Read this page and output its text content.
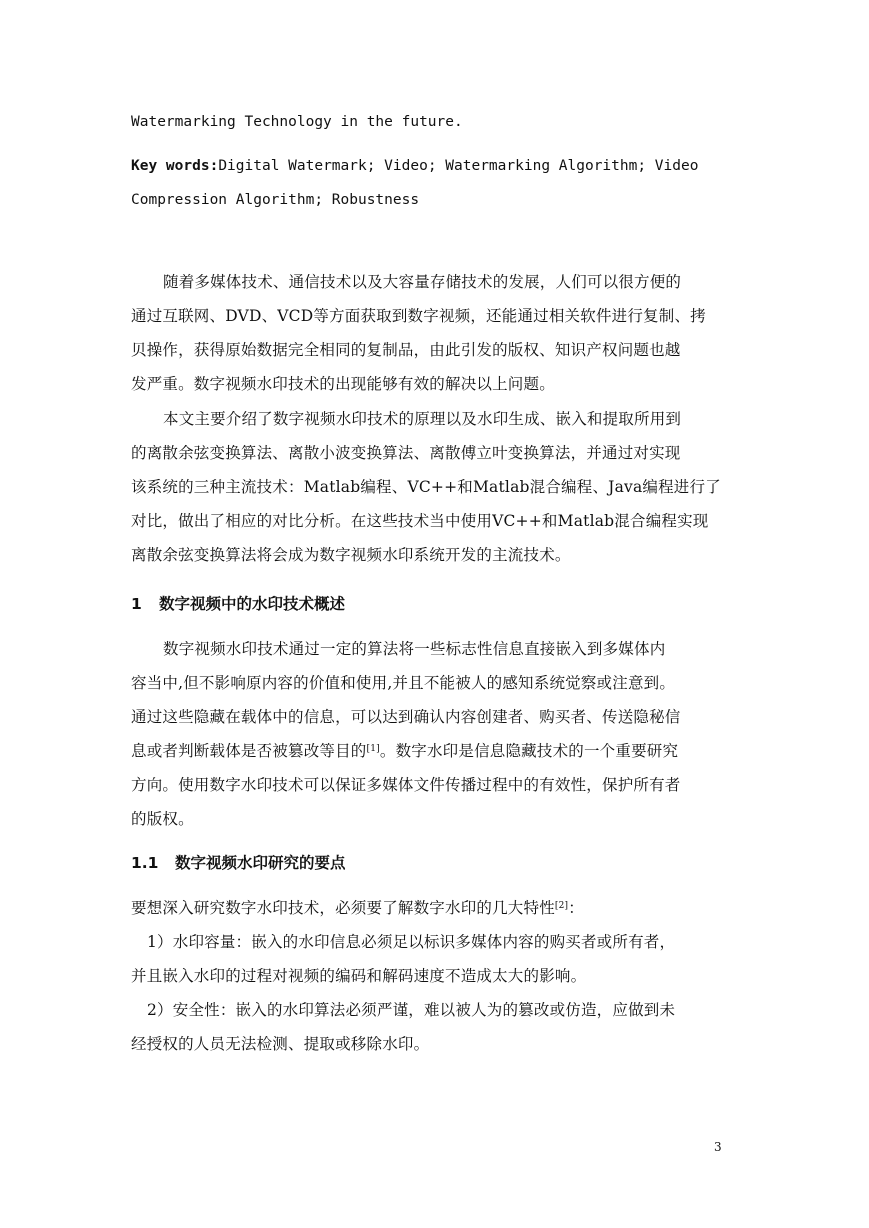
Watermarking Technology in the future.
Key words:Digital Watermark; Video; Watermarking Algorithm; Video
Compression Algorithm; Robustness
随着多媒体技术、通信技术以及大容量存储技术的发展，人们可以很方便的
通过互联网、DVD、VCD等方面获取到数字视频，还能通过相关软件进行复制、拷
贝操作，获得原始数据完全相同的复制品，由此引发的版权、知识产权问题也越
发严重。数字视频水印技术的出现能够有效的解决以上问题。
本文主要介绍了数字视频水印技术的原理以及水印生成、嵌入和提取所用到
的离散余弦变换算法、离散小波变换算法、离散傅立叶变换算法，并通过对实现
该系统的三种主流技术：Matlab编程、VC++和Matlab混合编程、Java编程进行了
对比，做出了相应的对比分析。在这些技术当中使用VC++和Matlab混合编程实现
离散余弦变换算法将会成为数字视频水印系统开发的主流技术。
1 数字视频中的水印技术概述
数字视频水印技术通过一定的算法将一些标志性信息直接嵌入到多媒体内
容当中,但不影响原内容的价值和使用,并且不能被人的感知系统觉察或注意到。
通过这些隐藏在载体中的信息，可以达到确认内容创建者、购买者、传送隐秘信
息或者判断载体是否被篡改等目的[1]。数字水印是信息隐藏技术的一个重要研究
方向。使用数字水印技术可以保证多媒体文件传播过程中的有效性，保护所有者
的版权。
1.1 数字视频水印研究的要点
要想深入研究数字水印技术，必须要了解数字水印的几大特性[2]：
1）水印容量：嵌入的水印信息必须足以标识多媒体内容的购买者或所有者，
并且嵌入水印的过程对视频的编码和解码速度不造成太大的影响。
2）安全性：嵌入的水印算法必须严谨，难以被人为的篡改或仿造，应做到未
经授权的人员无法检测、提取或移除水印。
3
